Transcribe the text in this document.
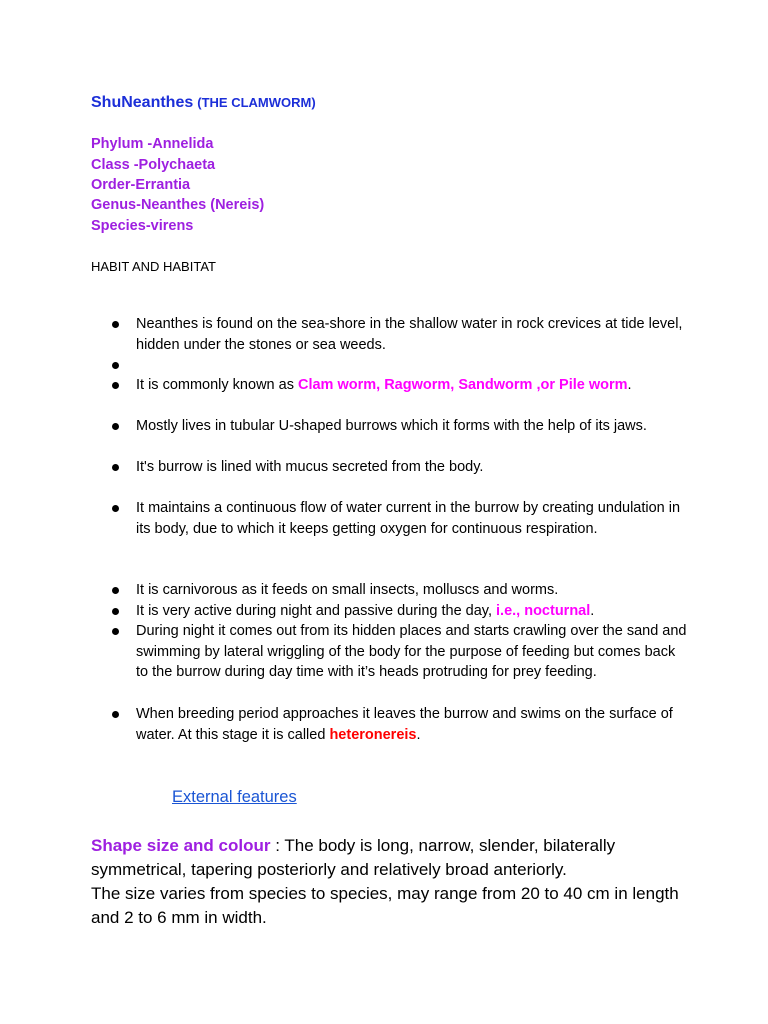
ShuNeanthes (THE CLAMWORM)
Phylum -Annelida
Class -Polychaeta
Order-Errantia
Genus-Neanthes (Nereis)
Species-virens
HABIT AND HABITAT
Neanthes is found on the sea-shore in the shallow water in rock crevices at tide level, hidden under the stones or sea weeds.
It is commonly known as Clam worm, Ragworm, Sandworm ,or Pile worm.
Mostly lives in tubular U-shaped burrows which it forms with the help of its jaws.
It's burrow is lined with mucus secreted from the body.
It maintains a continuous flow of water current in the burrow by creating undulation in its body, due to which it keeps getting oxygen for continuous respiration.
It is carnivorous as it feeds on small insects, molluscs and worms.
It is very active during night and passive during the day, i.e., nocturnal.
During night it comes out from its hidden places and starts crawling over the sand and swimming by lateral wriggling of the body for the purpose of feeding but comes back to the burrow during day time with it’s heads protruding for prey feeding.
When breeding period approaches it leaves the burrow and swims on the surface of water. At this stage it is called heteronereis.
External features
Shape size and colour : The body is long, narrow, slender, bilaterally symmetrical, tapering posteriorly and relatively broad anteriorly.
The size varies from species to species, may range from 20 to 40 cm in length and 2 to 6 mm in width.
